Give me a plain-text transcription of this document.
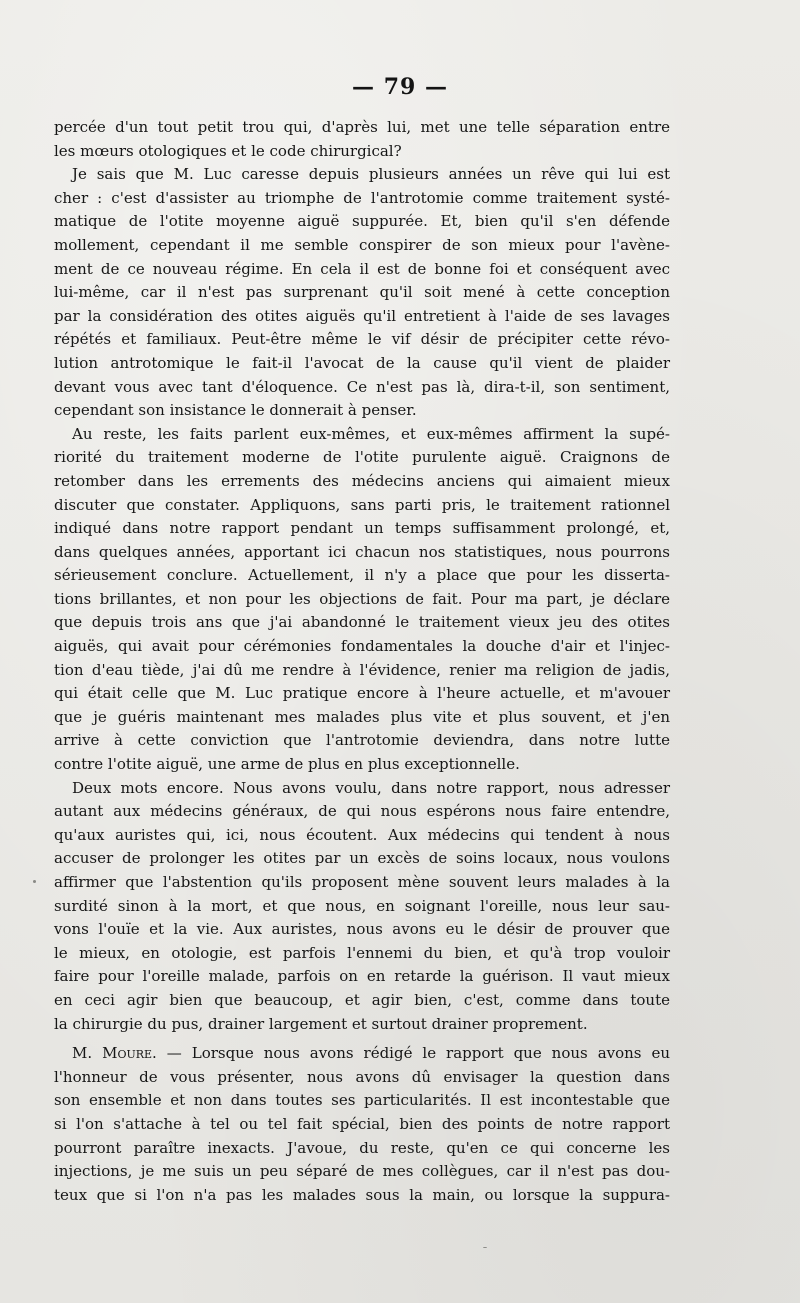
— 79 —
percée d'un tout petit trou qui, d'après lui, met une telle séparation entre
les mœurs otologiques et le code chirurgical?
Je sais que M. Luc caresse depuis plusieurs années un rêve qui lui est
cher : c'est d'assister au triomphe de l'antrotomie comme traitement systé-
matique de l'otite moyenne aiguë suppurée. Et, bien qu'il s'en défende
mollement, cependant il me semble conspirer de son mieux pour l'avène-
ment de ce nouveau régime. En cela il est de bonne foi et conséquent avec
lui-même, car il n'est pas surprenant qu'il soit mené à cette conception
par la considération des otites aiguës qu'il entretient à l'aide de ses lavages
répétés et familiaux. Peut-être même le vif désir de précipiter cette révo-
lution antrotomique le fait-il l'avocat de la cause qu'il vient de plaider
devant vous avec tant d'éloquence. Ce n'est pas là, dira-t-il, son sentiment,
cependant son insistance le donnerait à penser.
Au reste, les faits parlent eux-mêmes, et eux-mêmes affirment la supé-
riorité du traitement moderne de l'otite purulente aiguë. Craignons de
retomber dans les errements des médecins anciens qui aimaient mieux
discuter que constater. Appliquons, sans parti pris, le traitement rationnel
indiqué dans notre rapport pendant un temps suffisamment prolongé, et,
dans quelques années, apportant ici chacun nos statistiques, nous pourrons
sérieusement conclure. Actuellement, il n'y a place que pour les disserta-
tions brillantes, et non pour les objections de fait. Pour ma part, je déclare
que depuis trois ans que j'ai abandonné le traitement vieux jeu des otites
aiguës, qui avait pour cérémonies fondamentales la douche d'air et l'injec-
tion d'eau tiède, j'ai dû me rendre à l'évidence, renier ma religion de jadis,
qui était celle que M. Luc pratique encore à l'heure actuelle, et m'avouer
que je guéris maintenant mes malades plus vite et plus souvent, et j'en
arrive à cette conviction que l'antrotomie deviendra, dans notre lutte
contre l'otite aiguë, une arme de plus en plus exceptionnelle.
Deux mots encore. Nous avons voulu, dans notre rapport, nous adresser
autant aux médecins généraux, de qui nous espérons nous faire entendre,
qu'aux auristes qui, ici, nous écoutent. Aux médecins qui tendent à nous
accuser de prolonger les otites par un excès de soins locaux, nous voulons
affirmer que l'abstention qu'ils proposent mène souvent leurs malades à la
surdité sinon à la mort, et que nous, en soignant l'oreille, nous leur sau-
vons l'ouïe et la vie. Aux auristes, nous avons eu le désir de prouver que
le mieux, en otologie, est parfois l'ennemi du bien, et qu'à trop vouloir
faire pour l'oreille malade, parfois on en retarde la guérison. Il vaut mieux
en ceci agir bien que beaucoup, et agir bien, c'est, comme dans toute
la chirurgie du pus, drainer largement et surtout drainer proprement.
M. Moure. — Lorsque nous avons rédigé le rapport que nous avons eu
l'honneur de vous présenter, nous avons dû envisager la question dans
son ensemble et non dans toutes ses particularités. Il est incontestable que
si l'on s'attache à tel ou tel fait spécial, bien des points de notre rapport
pourront paraître inexacts. J'avoue, du reste, qu'en ce qui concerne les
injections, je me suis un peu séparé de mes collègues, car il n'est pas dou-
teux que si l'on n'a pas les malades sous la main, ou lorsque la suppura-
